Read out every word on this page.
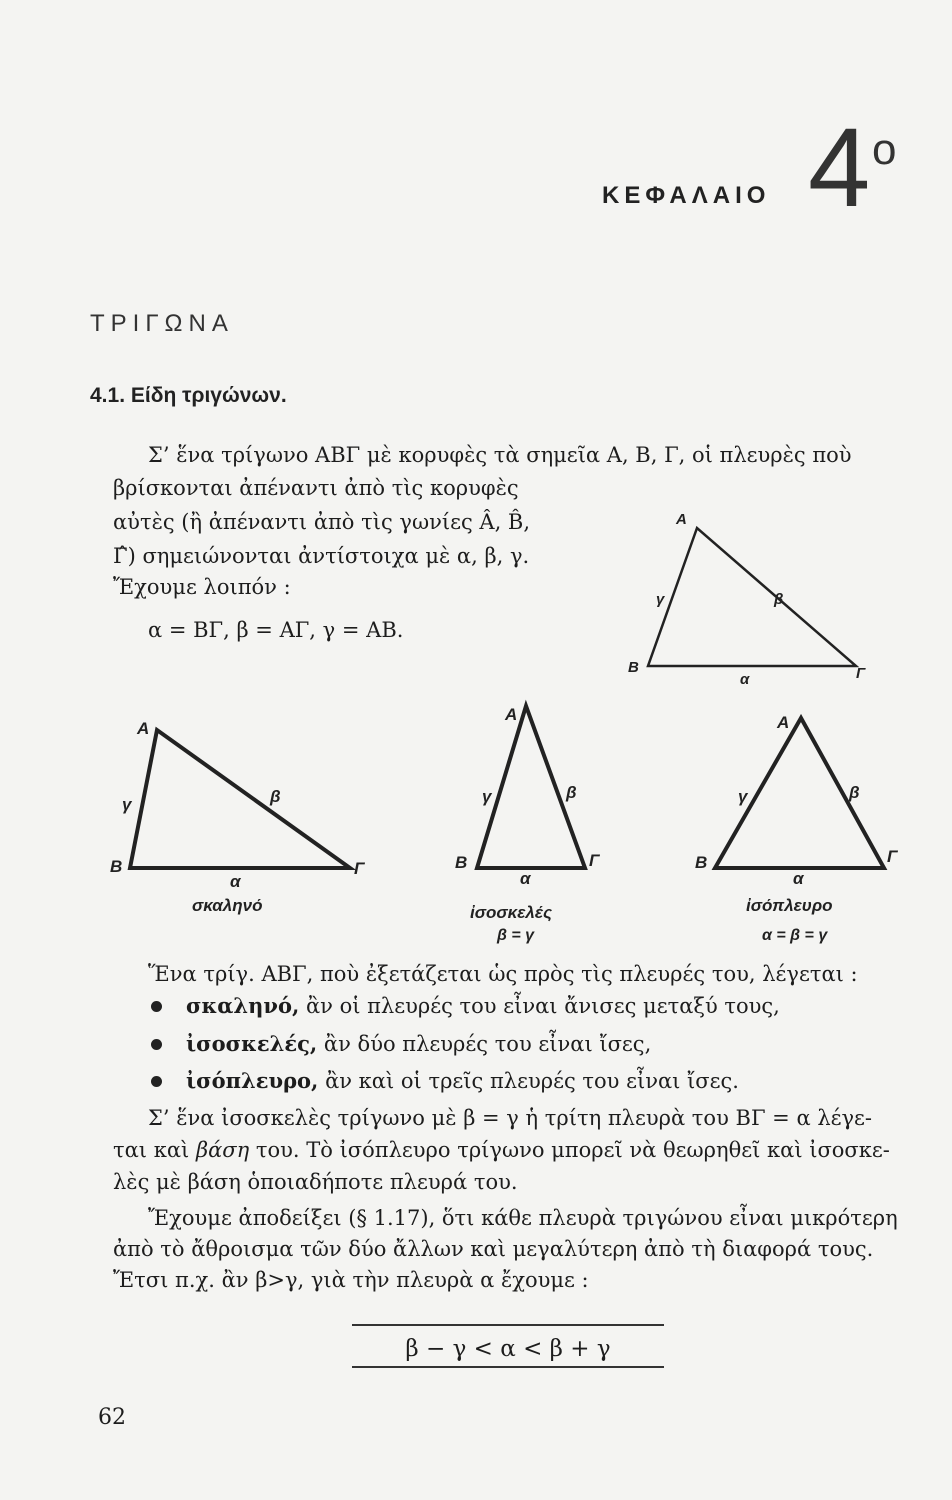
ΚΕΦΑΛΑΙΟ 4 ο
ΤΡΙΓΩΝΑ
4.1. Είδη τριγώνων.
Σ’ ἕνα τρίγωνο ΑΒΓ μὲ κορυφὲς τὰ σημεῖα Α, Β, Γ, οἱ πλευρὲς ποὺ
βρίσκονται ἀπέναντι ἀπὸ τὶς κορυφὲς
αὐτὲς (ἢ ἀπέναντι ἀπὸ τὶς γωνίες Â, B̂,
Γ̂) σημειώνονται ἀντίστοιχα μὲ α, β, γ.
Ἔχουμε λοιπόν :
α = ΒΓ, β = ΑΓ, γ = ΑΒ.
A
B	Γ
γ	β
α
A
B	Γ
γ	β
α
σκαληνό
A
B	Γ
γ	β
α
ἰσοσκελές
β = γ
A
B	Γ
γ	β
α
ἰσόπλευρο
α = β = γ
Ἕνα τρίγ. ΑΒΓ, ποὺ ἐξετάζεται ὡς πρὸς τὶς πλευρές του, λέγεται :
σκαληνό, ἂν οἱ πλευρές του εἶναι ἄνισες μεταξύ τους,
ἰσοσκελές, ἂν δύο πλευρές του εἶναι ἴσες,
ἰσόπλευρο, ἂν καὶ οἱ τρεῖς πλευρές του εἶναι ἴσες.
Σ’ ἕνα ἰσοσκελὲς τρίγωνο μὲ β = γ ἡ τρίτη πλευρὰ του ΒΓ = α λέγε-
ται καὶ βάση του. Τὸ ἰσόπλευρο τρίγωνο μπορεῖ νὰ θεωρηθεῖ καὶ ἰσοσκε-
λὲς μὲ βάση ὁποιαδήποτε πλευρά του.
Ἔχουμε ἀποδείξει (§ 1.17), ὅτι κάθε πλευρὰ τριγώνου εἶναι μικρότερη
ἀπὸ τὸ ἄθροισμα τῶν δύο ἄλλων καὶ μεγαλύτερη ἀπὸ τὴ διαφορά τους.
Ἔτσι π.χ. ἂν β>γ, γιὰ τὴν πλευρὰ α ἔχουμε :
β − γ < α < β + γ
62
